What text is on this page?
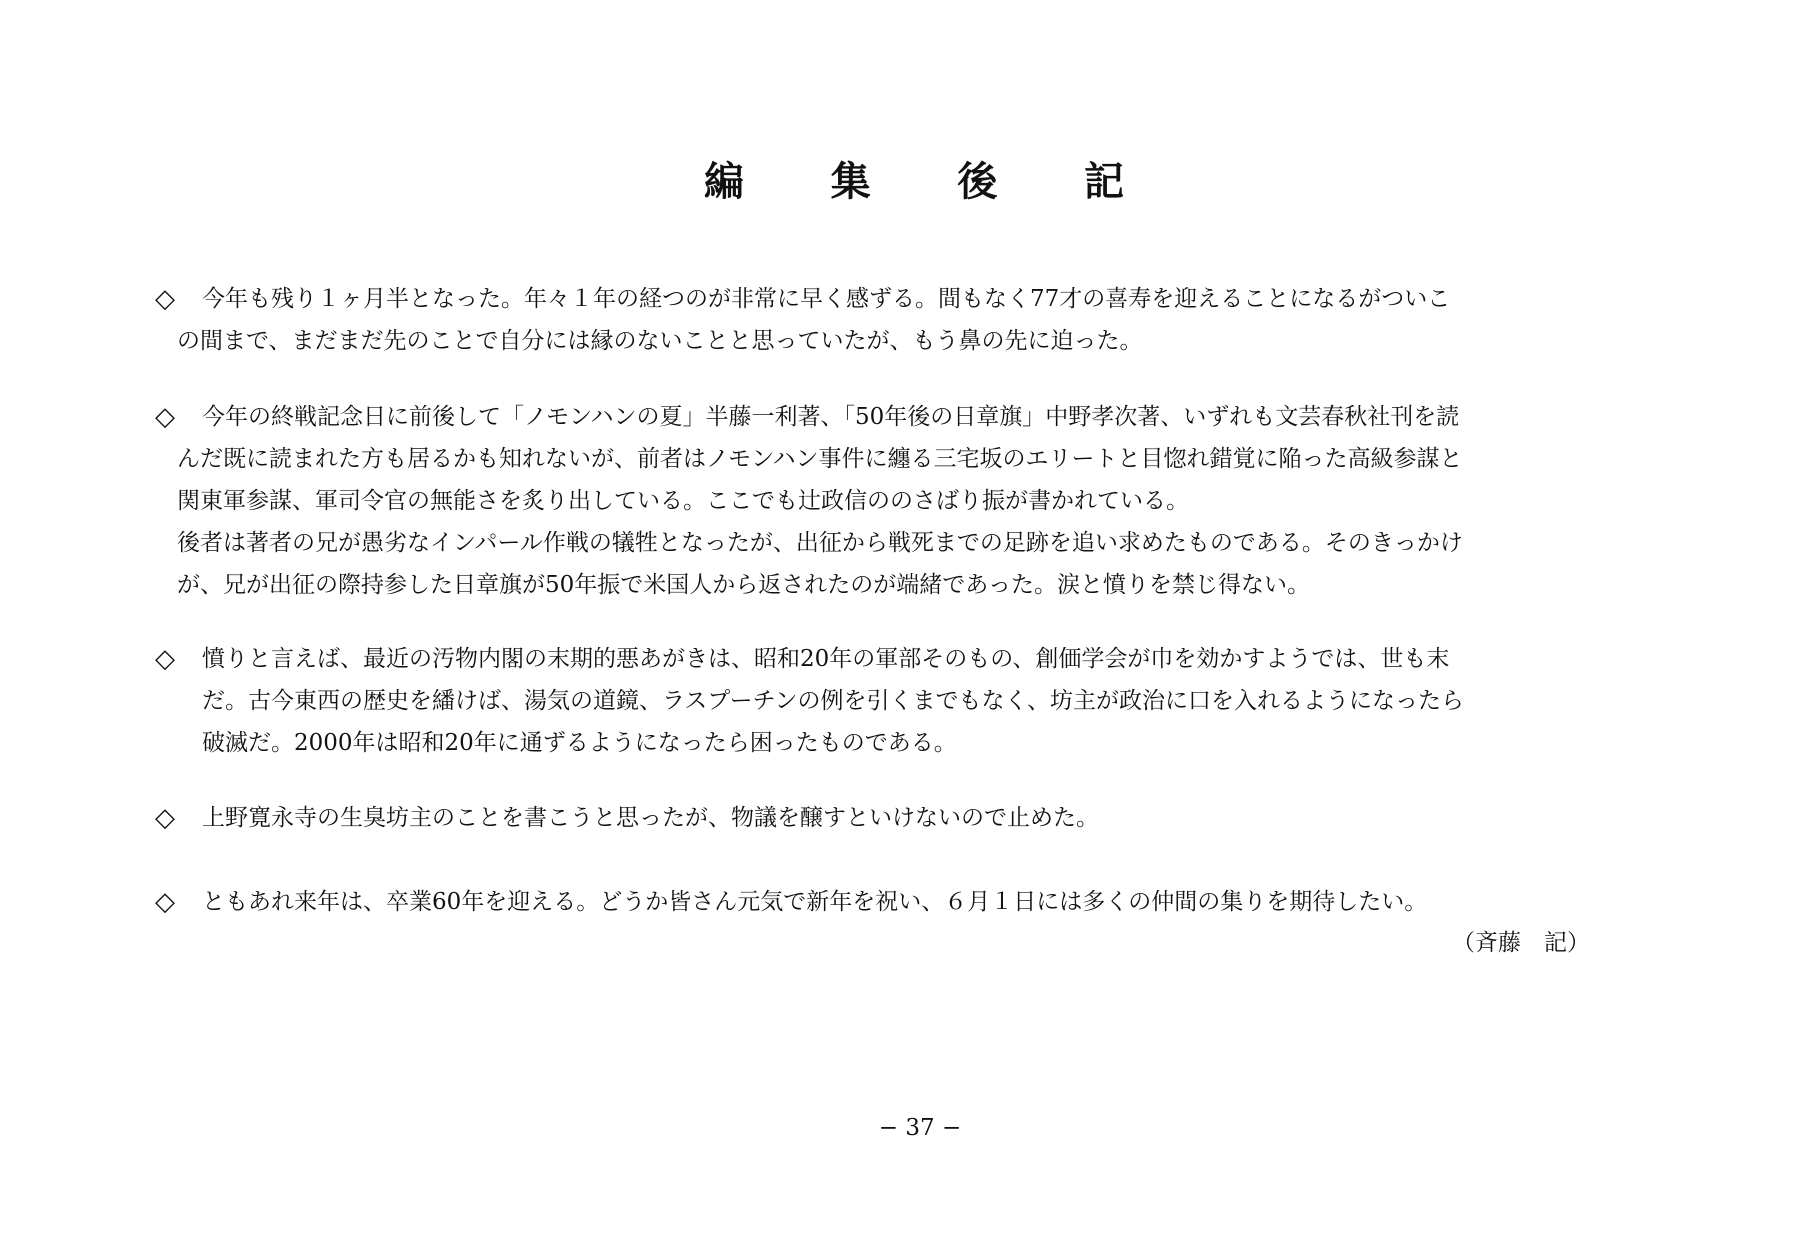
編 集 後 記
◇	今年も残り１ヶ月半となった。年々１年の経つのが非常に早く感ずる。間もなく77才の喜寿を迎えることになるがついこ
の間まで、まだまだ先のことで自分には縁のないことと思っていたが、もう鼻の先に迫った。
◇	今年の終戦記念日に前後して「ノモンハンの夏」半藤一利著、「50年後の日章旗」中野孝次著、いずれも文芸春秋社刊を読
んだ既に読まれた方も居るかも知れないが、前者はノモンハン事件に纏る三宅坂のエリートと目惚れ錯覚に陥った高級参謀と
関東軍参謀、軍司令官の無能さを炙り出している。ここでも辻政信ののさばり振が書かれている。
後者は著者の兄が愚劣なインパール作戦の犠牲となったが、出征から戦死までの足跡を追い求めたものである。そのきっかけ
が、兄が出征の際持参した日章旗が50年振で米国人から返されたのが端緒であった。涙と憤りを禁じ得ない。
◇	憤りと言えば、最近の汚物内閣の末期的悪あがきは、昭和20年の軍部そのもの、創価学会が巾を効かすようでは、世も末
だ。古今東西の歴史を繙けば、湯気の道鏡、ラスプーチンの例を引くまでもなく、坊主が政治に口を入れるようになったら
破滅だ。2000年は昭和20年に通ずるようになったら困ったものである。
◇	上野寛永寺の生臭坊主のことを書こうと思ったが、物議を醸すといけないので止めた。
◇	ともあれ来年は、卒業60年を迎える。どうか皆さん元気で新年を祝い、６月１日には多くの仲間の集りを期待したい。
（斉藤　記）
− 37 −
